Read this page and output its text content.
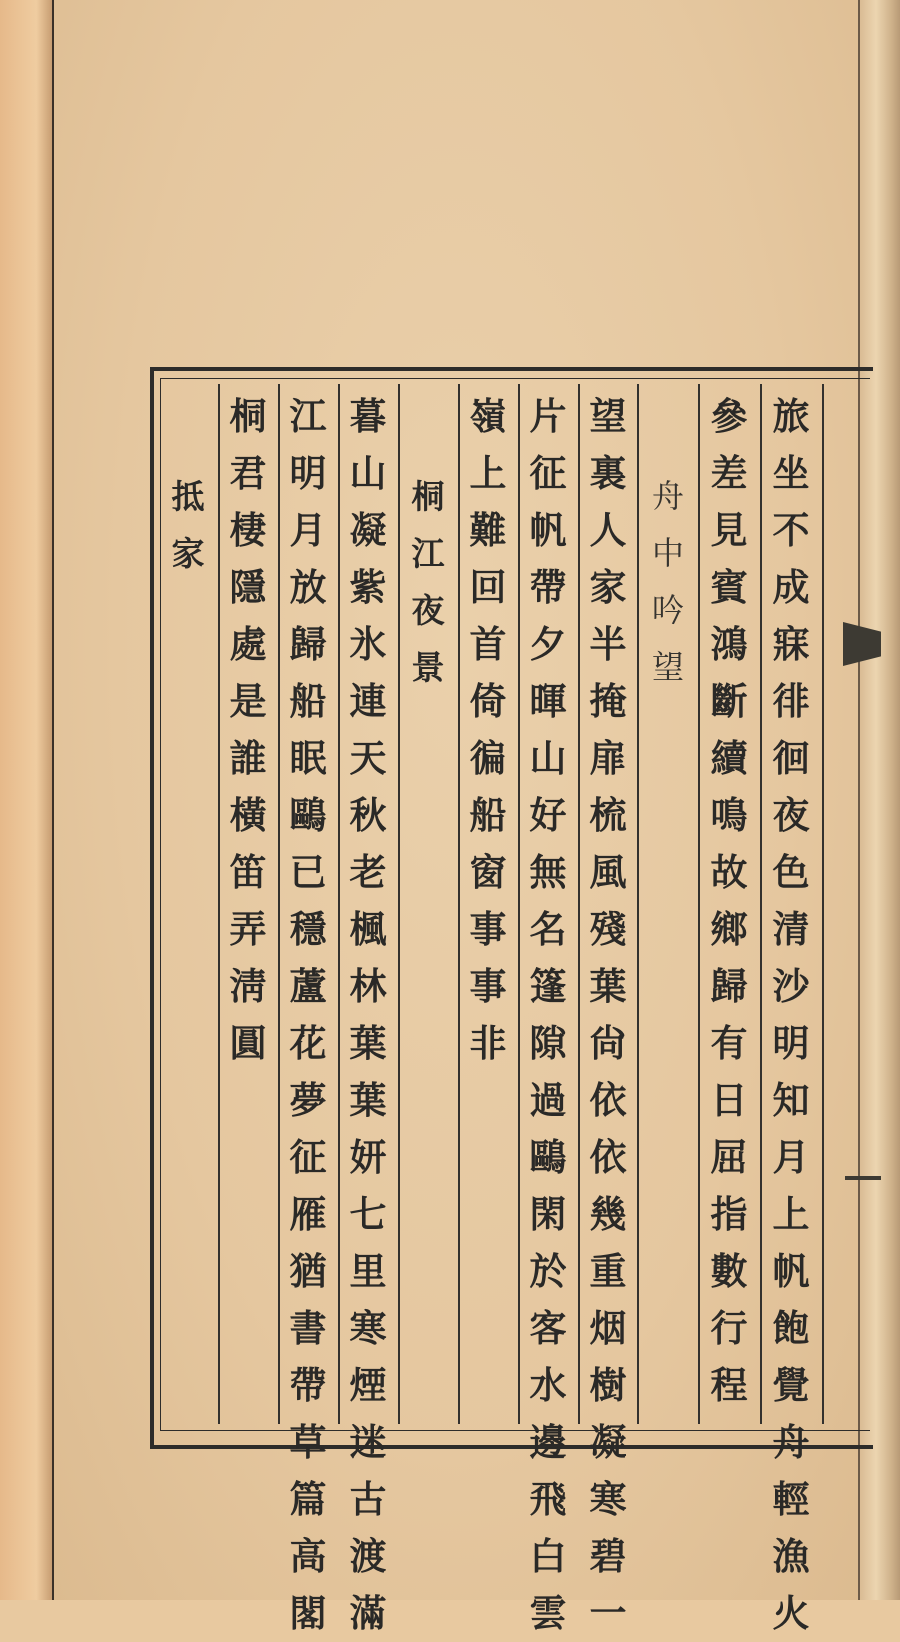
旅
坐
不
成
寐
徘
徊
夜
色
清
沙
明
知
月
上
帆
飽
覺
舟
輕
漁
火
參
差
見
賓
鴻
斷
續
鳴
故
鄉
歸
有
日
屈
指
數
行
程
舟
中
吟
望
望
裏
人
家
半
掩
扉
梳
風
殘
葉
尙
依
依
幾
重
烟
樹
凝
寒
碧
一
片
征
帆
帶
夕
暉
山
好
無
名
篷
隙
過
鷗
閑
於
客
水
邊
飛
白
雲
嶺
上
難
回
首
倚
徧
船
窗
事
事
非
桐
江
夜
景
暮
山
凝
紫
氷
連
天
秋
老
楓
林
葉
葉
妍
七
里
寒
煙
迷
古
渡
滿
江
明
月
放
歸
船
眠
鷗
已
穩
蘆
花
夢
征
雁
猶
書
帶
草
篇
高
閣
桐
君
棲
隱
處
是
誰
橫
笛
弄
淸
圓
抵
家
